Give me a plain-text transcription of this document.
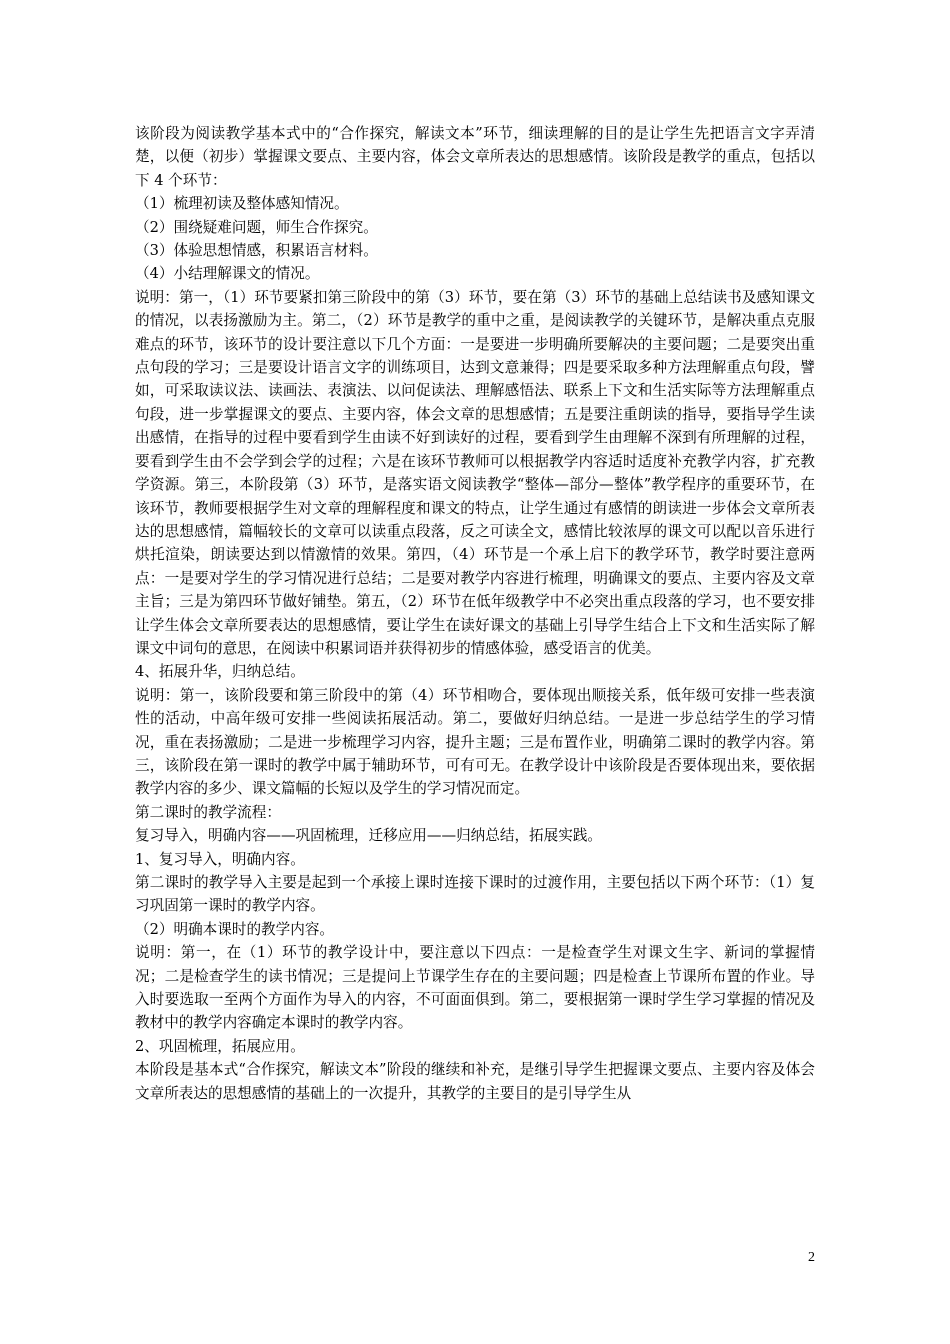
该阶段为阅读教学基本式中的“合作探究，解读文本”环节，细读理解的目的是让学生先把语言文字弄清楚，以便（初步）掌握课文要点、主要内容，体会文章所表达的思想感情。该阶段是教学的重点，包括以下 4 个环节：

（1）梳理初读及整体感知情况。

（2）围绕疑难问题，师生合作探究。

（3）体验思想情感，积累语言材料。

（4）小结理解课文的情况。

说明：第一，（1）环节要紧扣第三阶段中的第（3）环节，要在第（3）环节的基础上总结读书及感知课文的情况，以表扬激励为主。第二，（2）环节是教学的重中之重，是阅读教学的关键环节，是解决重点克服难点的环节，该环节的设计要注意以下几个方面：一是要进一步明确所要解决的主要问题；二是要突出重点句段的学习；三是要设计语言文字的训练项目，达到文意兼得；四是要采取多种方法理解重点句段，譬如，可采取读议法、读画法、表演法、以问促读法、理解感悟法、联系上下文和生活实际等方法理解重点句段，进一步掌握课文的要点、主要内容，体会文章的思想感情；五是要注重朗读的指导，要指导学生读出感情，在指导的过程中要看到学生由读不好到读好的过程，要看到学生由理解不深到有所理解的过程，要看到学生由不会学到会学的过程；六是在该环节教师可以根据教学内容适时适度补充教学内容，扩充教学资源。第三，本阶段第（3）环节，是落实语文阅读教学“整体—部分—整体”教学程序的重要环节，在该环节，教师要根据学生对文章的理解程度和课文的特点，让学生通过有感情的朗读进一步体会文章所表达的思想感情，篇幅较长的文章可以读重点段落，反之可读全文，感情比较浓厚的课文可以配以音乐进行烘托渲染，朗读要达到以情激情的效果。第四，（4）环节是一个承上启下的教学环节，教学时要注意两点：一是要对学生的学习情况进行总结；二是要对教学内容进行梳理，明确课文的要点、主要内容及文章主旨；三是为第四环节做好铺垫。第五，（2）环节在低年级教学中不必突出重点段落的学习，也不要安排让学生体会文章所要表达的思想感情，要让学生在读好课文的基础上引导学生结合上下文和生活实际了解课文中词句的意思，在阅读中积累词语并获得初步的情感体验，感受语言的优美。

4、拓展升华，归纳总结。

说明：第一，该阶段要和第三阶段中的第（4）环节相吻合，要体现出顺接关系，低年级可安排一些表演性的活动，中高年级可安排一些阅读拓展活动。第二，要做好归纳总结。一是进一步总结学生的学习情况，重在表扬激励；二是进一步梳理学习内容，提升主题；三是布置作业，明确第二课时的教学内容。第三，该阶段在第一课时的教学中属于辅助环节，可有可无。在教学设计中该阶段是否要体现出来，要依据教学内容的多少、课文篇幅的长短以及学生的学习情况而定。

第二课时的教学流程：

复习导入，明确内容——巩固梳理，迁移应用——归纳总结，拓展实践。

1、复习导入，明确内容。

第二课时的教学导入主要是起到一个承接上课时连接下课时的过渡作用，主要包括以下两个环节：（1）复习巩固第一课时的教学内容。

（2）明确本课时的教学内容。

说明：第一，在（1）环节的教学设计中，要注意以下四点：一是检查学生对课文生字、新词的掌握情况；二是检查学生的读书情况；三是提问上节课学生存在的主要问题；四是检查上节课所布置的作业。导入时要选取一至两个方面作为导入的内容，不可面面俱到。第二，要根据第一课时学生学习掌握的情况及教材中的教学内容确定本课时的教学内容。

2、巩固梳理，拓展应用。

本阶段是基本式“合作探究，解读文本”阶段的继续和补充，是继引导学生把握课文要点、主要内容及体会文章所表达的思想感情的基础上的一次提升，其教学的主要目的是引导学生从

2
